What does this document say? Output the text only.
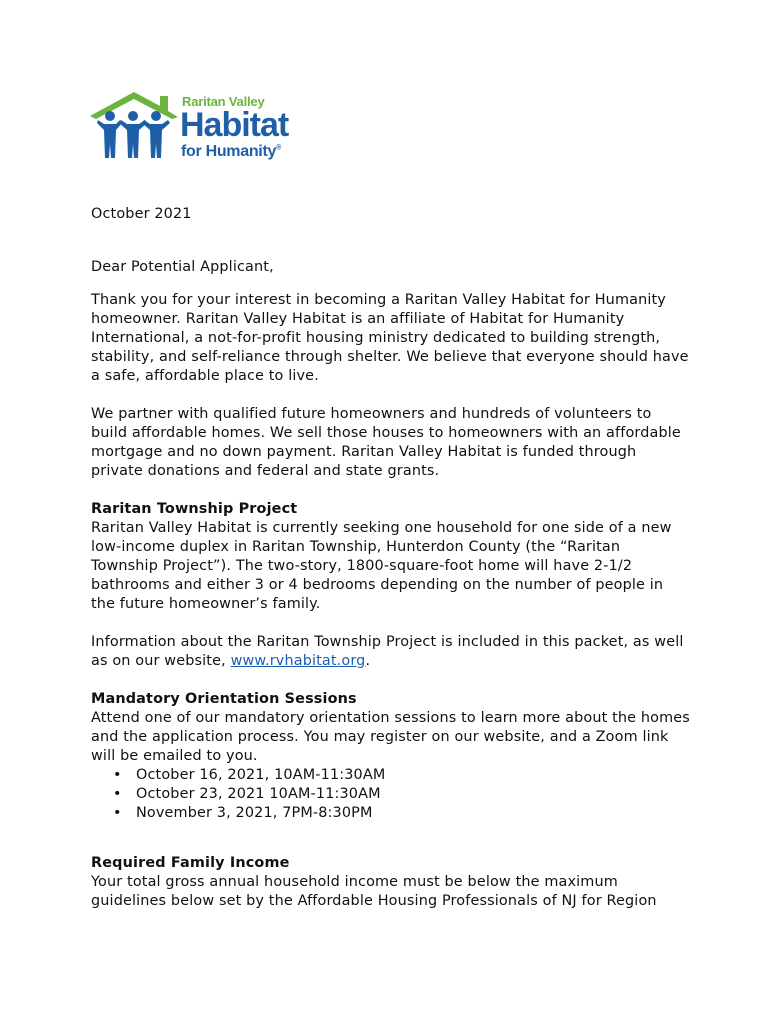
Raritan Valley
Habitat
for Humanity®

October 2021

Dear Potential Applicant,

Thank you for your interest in becoming a Raritan Valley Habitat for Humanity homeowner. Raritan Valley Habitat is an affiliate of Habitat for Humanity International, a not-for-profit housing ministry dedicated to building strength, stability, and self-reliance through shelter. We believe that everyone should have a safe, affordable place to live.

We partner with qualified future homeowners and hundreds of volunteers to build affordable homes. We sell those houses to homeowners with an affordable mortgage and no down payment. Raritan Valley Habitat is funded through private donations and federal and state grants.

Raritan Township Project

Raritan Valley Habitat is currently seeking one household for one side of a new low-income duplex in Raritan Township, Hunterdon County (the “Raritan Township Project”). The two-story, 1800-square-foot home will have 2-1/2 bathrooms and either 3 or 4 bedrooms depending on the number of people in the future homeowner’s family.

Information about the Raritan Township Project is included in this packet, as well as on our website, www.rvhabitat.org.

Mandatory Orientation Sessions

Attend one of our mandatory orientation sessions to learn more about the homes and the application process. You may register on our website, and a Zoom link will be emailed to you.

• October 16, 2021, 10AM-11:30AM
• October 23, 2021 10AM-11:30AM
• November 3, 2021, 7PM-8:30PM

Required Family Income

Your total gross annual household income must be below the maximum guidelines below set by the Affordable Housing Professionals of NJ for Region
